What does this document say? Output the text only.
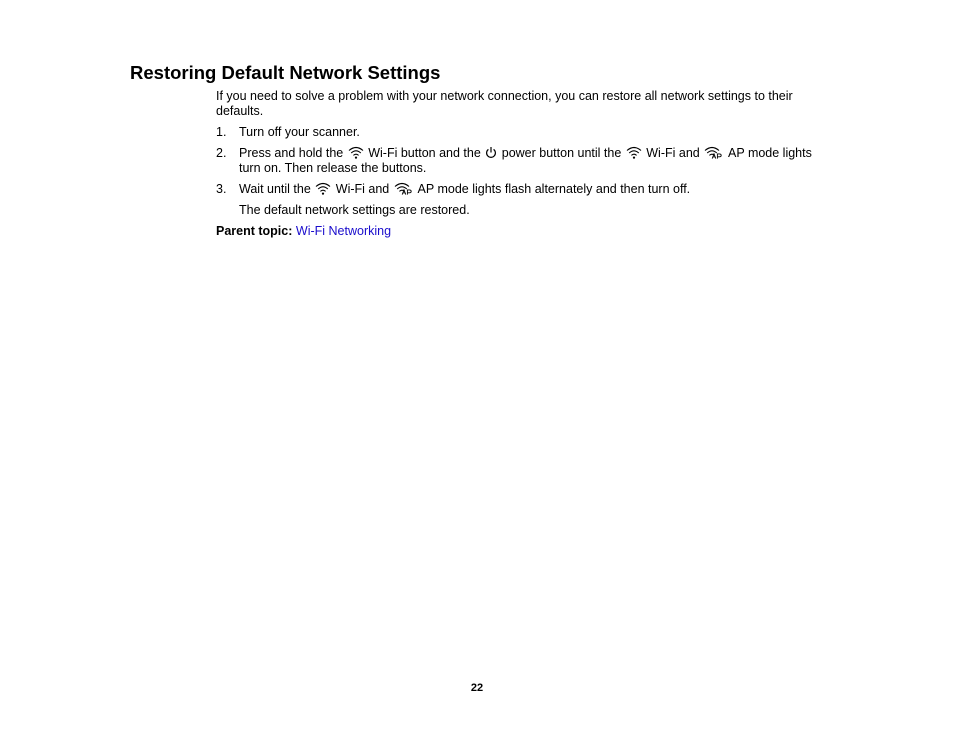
Restoring Default Network Settings

If you need to solve a problem with your network connection, you can restore all network settings to their defaults.

1. Turn off your scanner.
2. Press and hold the Wi-Fi button and the power button until the Wi-Fi and AP mode lights turn on. Then release the buttons.
3. Wait until the Wi-Fi and AP mode lights flash alternately and then turn off.

The default network settings are restored.

Parent topic: Wi-Fi Networking

22
